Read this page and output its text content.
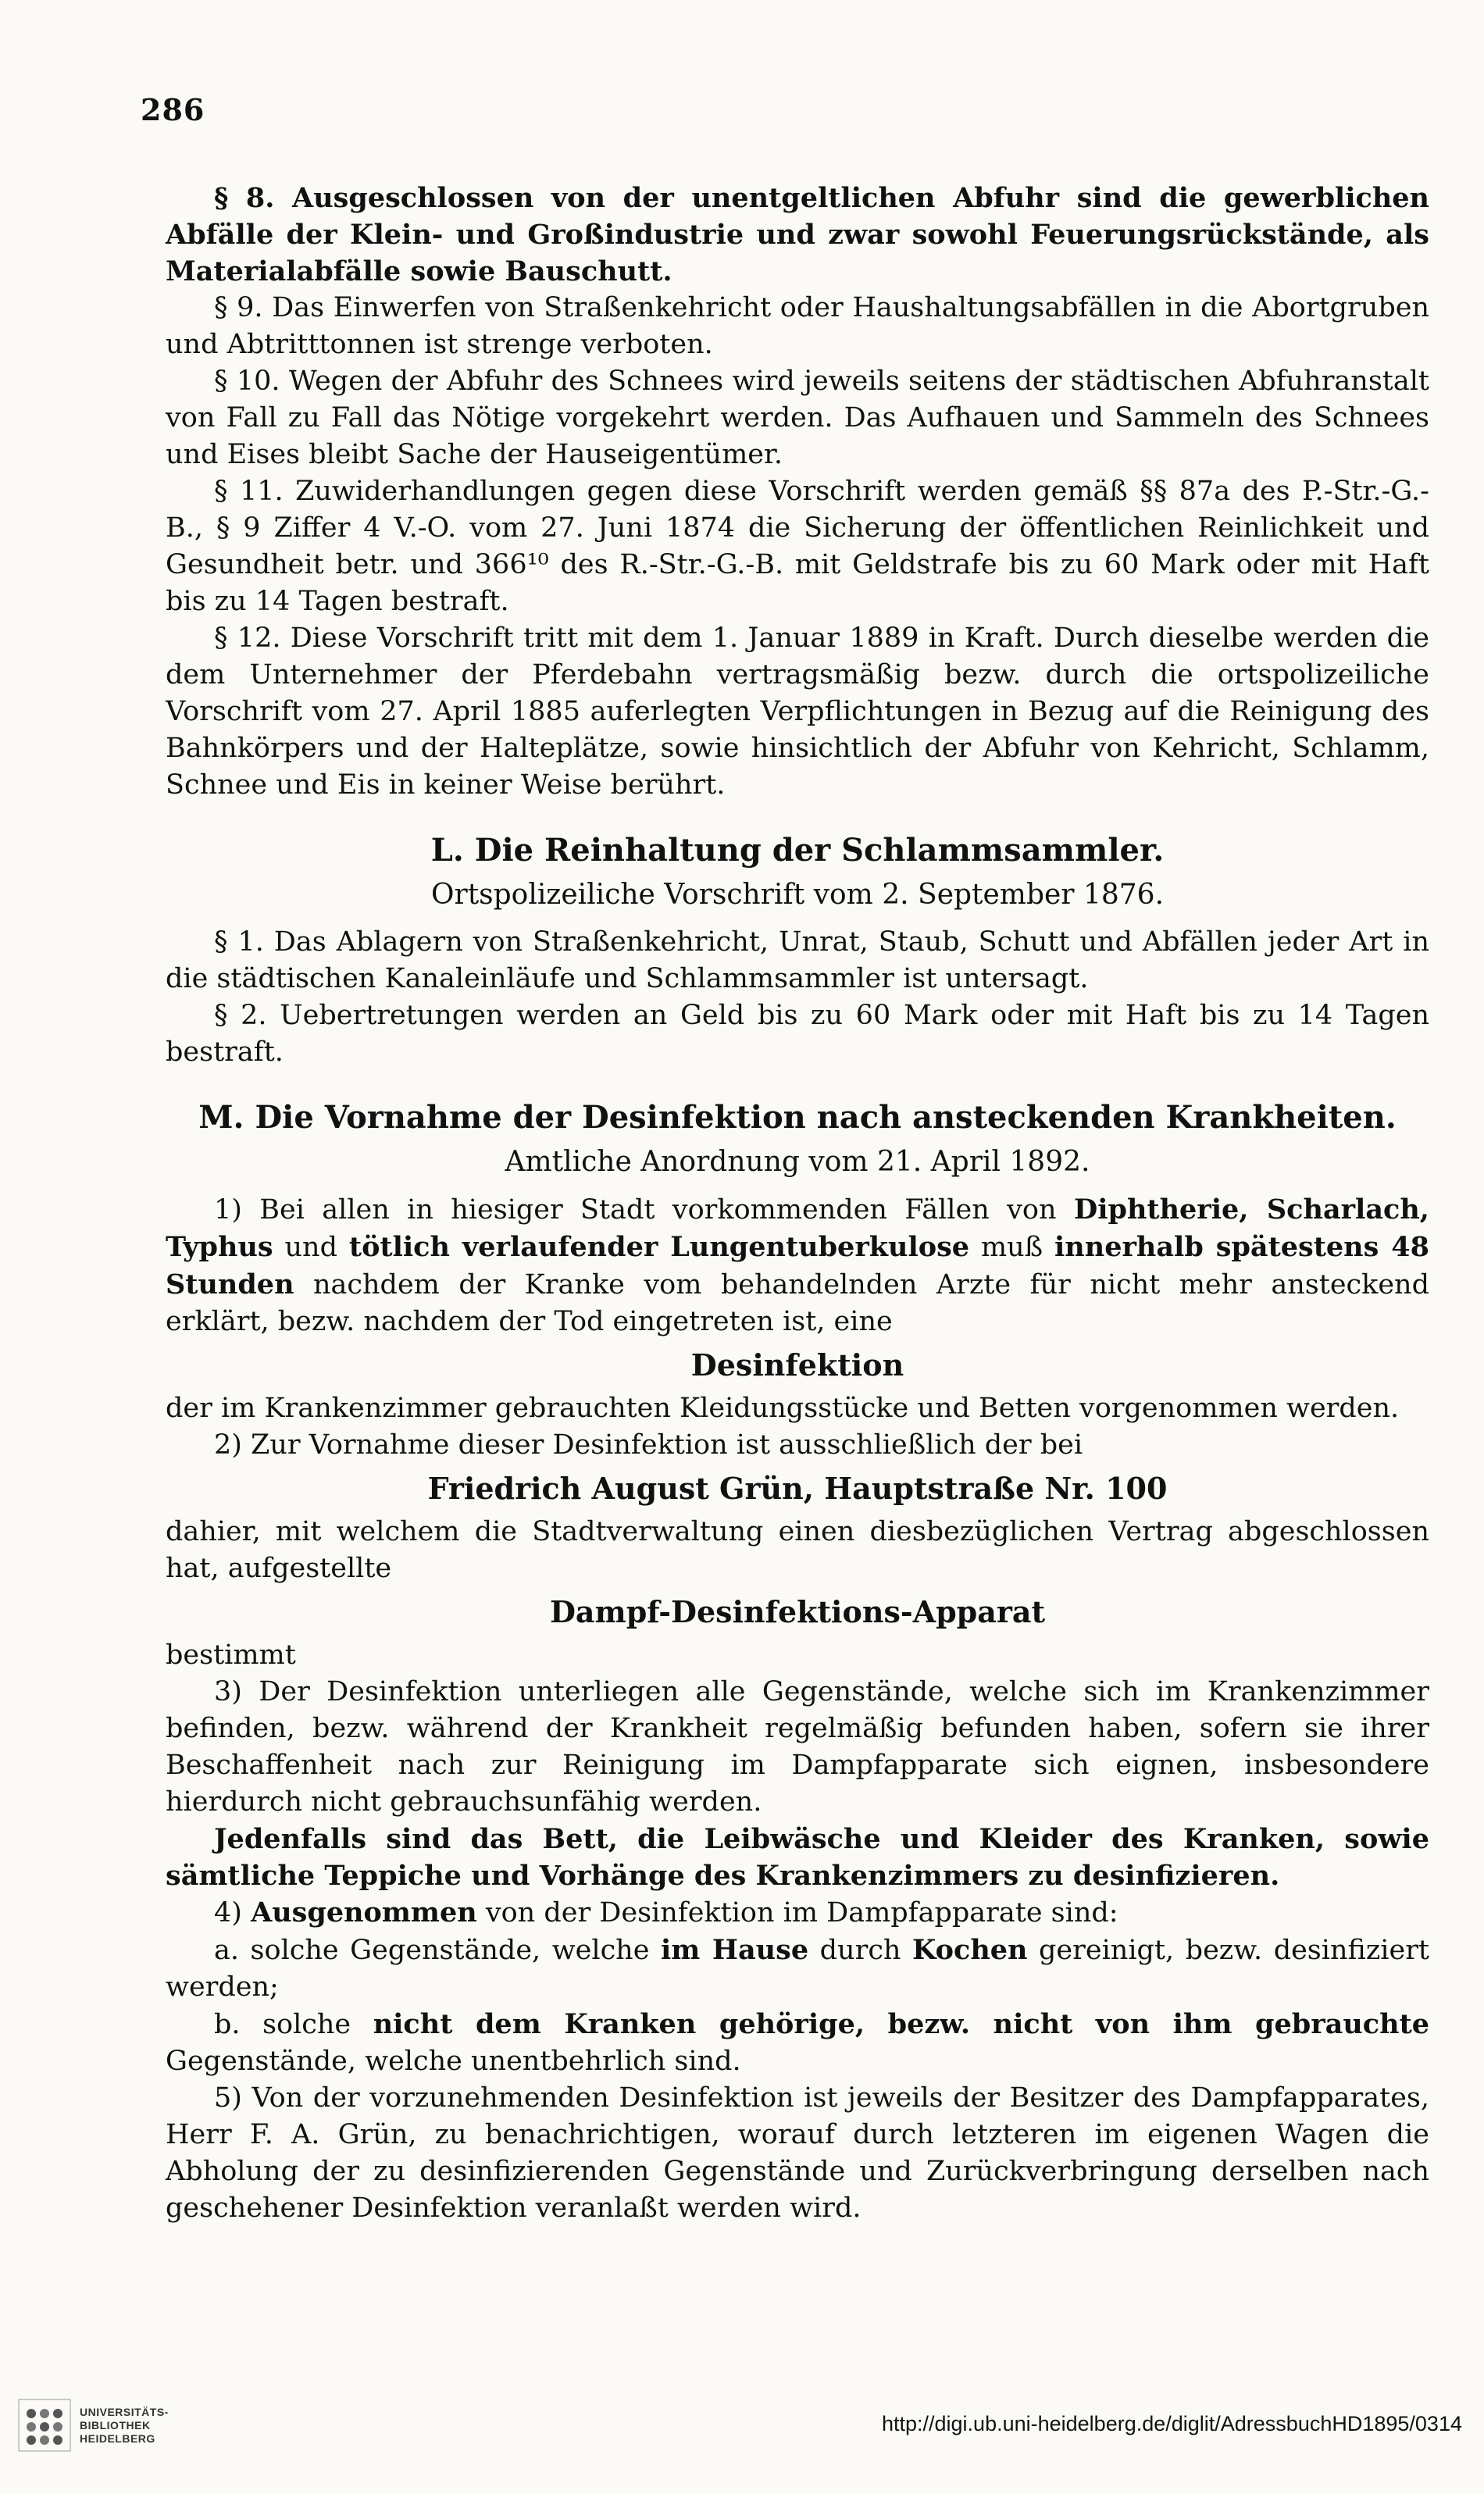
286

§ 8. Ausgeschlossen von der unentgeltlichen Abfuhr sind die gewerblichen Abfälle der Klein- und Großindustrie und zwar sowohl Feuerungsrückstände, als Materialabfälle sowie Bauschutt.

§ 9. Das Einwerfen von Straßenkehricht oder Haushaltungsabfällen in die Abortgruben und Abtritttonnen ist strenge verboten.

§ 10. Wegen der Abfuhr des Schnees wird jeweils seitens der städtischen Abfuhranstalt von Fall zu Fall das Nötige vorgekehrt werden. Das Aufhauen und Sammeln des Schnees und Eises bleibt Sache der Hauseigentümer.

§ 11. Zuwiderhandlungen gegen diese Vorschrift werden gemäß §§ 87a des P.-Str.-G.-B., § 9 Ziffer 4 V.-O. vom 27. Juni 1874 die Sicherung der öffentlichen Reinlichkeit und Gesundheit betr. und 366¹⁰ des R.-Str.-G.-B. mit Geldstrafe bis zu 60 Mark oder mit Haft bis zu 14 Tagen bestraft.

§ 12. Diese Vorschrift tritt mit dem 1. Januar 1889 in Kraft. Durch dieselbe werden die dem Unternehmer der Pferdebahn vertragsmäßig bezw. durch die ortspolizeiliche Vorschrift vom 27. April 1885 auferlegten Verpflichtungen in Bezug auf die Reinigung des Bahnkörpers und der Halteplätze, sowie hinsichtlich der Abfuhr von Kehricht, Schlamm, Schnee und Eis in keiner Weise berührt.

L. Die Reinhaltung der Schlammsammler.
Ortspolizeiliche Vorschrift vom 2. September 1876.

§ 1. Das Ablagern von Straßenkehricht, Unrat, Staub, Schutt und Abfällen jeder Art in die städtischen Kanaleinläufe und Schlammsammler ist untersagt.

§ 2. Uebertretungen werden an Geld bis zu 60 Mark oder mit Haft bis zu 14 Tagen bestraft.

M. Die Vornahme der Desinfektion nach ansteckenden Krankheiten.
Amtliche Anordnung vom 21. April 1892.

1) Bei allen in hiesiger Stadt vorkommenden Fällen von Diphtherie, Scharlach, Typhus und tötlich verlaufender Lungentuberkulose muß innerhalb spätestens 48 Stunden nachdem der Kranke vom behandelnden Arzte für nicht mehr ansteckend erklärt, bezw. nachdem der Tod eingetreten ist, eine

Desinfektion

der im Krankenzimmer gebrauchten Kleidungsstücke und Betten vorgenommen werden.

2) Zur Vornahme dieser Desinfektion ist ausschließlich der bei

Friedrich August Grün, Hauptstraße Nr. 100

dahier, mit welchem die Stadtverwaltung einen diesbezüglichen Vertrag abgeschlossen hat, aufgestellte

Dampf-Desinfektions-Apparat

bestimmt

3) Der Desinfektion unterliegen alle Gegenstände, welche sich im Krankenzimmer befinden, bezw. während der Krankheit regelmäßig befunden haben, sofern sie ihrer Beschaffenheit nach zur Reinigung im Dampfapparate sich eignen, insbesondere hierdurch nicht gebrauchsunfähig werden.

Jedenfalls sind das Bett, die Leibwäsche und Kleider des Kranken, sowie sämtliche Teppiche und Vorhänge des Krankenzimmers zu desinfizieren.

4) Ausgenommen von der Desinfektion im Dampfapparate sind:

a. solche Gegenstände, welche im Hause durch Kochen gereinigt, bezw. desinfiziert werden;

b. solche nicht dem Kranken gehörige, bezw. nicht von ihm gebrauchte Gegenstände, welche unentbehrlich sind.

5) Von der vorzunehmenden Desinfektion ist jeweils der Besitzer des Dampfapparates, Herr F. A. Grün, zu benachrichtigen, worauf durch letzteren im eigenen Wagen die Abholung der zu desinfizierenden Gegenstände und Zurückverbringung derselben nach geschehener Desinfektion veranlaßt werden wird.

UNIVERSITÄTS-
BIBLIOTHEK
HEIDELBERG
http://digi.ub.uni-heidelberg.de/diglit/AdressbuchHD1895/0314
